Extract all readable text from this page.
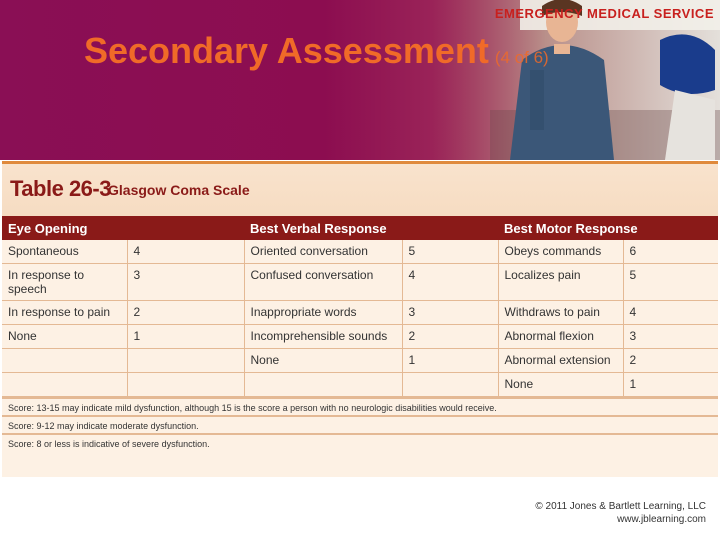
EMERGENCY MEDICAL SERVICE
Secondary Assessment (4 of 6)
Table 26-3
Glasgow Coma Scale
Eye Opening		Best Verbal Response		Best Motor Response	
Spontaneous	4	Oriented conversation	5	Obeys commands	6
In response to speech	3	Confused conversation	4	Localizes pain	5
In response to pain	2	Inappropriate words	3	Withdraws to pain	4
None	1	Incomprehensible sounds	2	Abnormal flexion	3
		None	1	Abnormal extension	2
				None	1
Score: 13-15 may indicate mild dysfunction, although 15 is the score a person with no neurologic disabilities would receive.
Score: 9-12 may indicate moderate dysfunction.
Score: 8 or less is indicative of severe dysfunction.
© 2011 Jones & Bartlett Learning, LLC
www.jblearning.com
